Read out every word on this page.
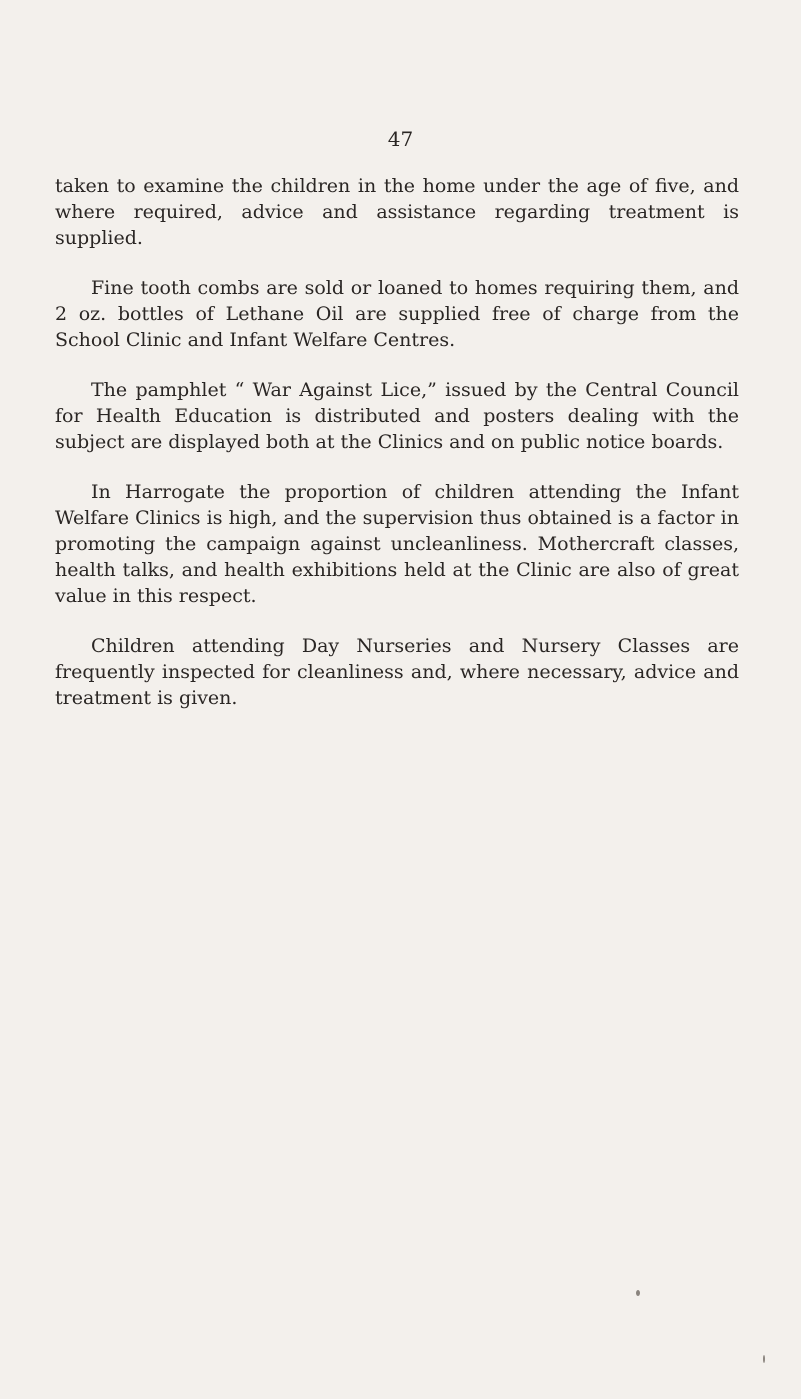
47

taken to examine the children in the home under the age of five, and where required, advice and assistance regarding treatment is supplied.

Fine tooth combs are sold or loaned to homes requiring them, and 2 oz. bottles of Lethane Oil are supplied free of charge from the School Clinic and Infant Welfare Centres.

The pamphlet “ War Against Lice,” issued by the Central Council for Health Education is distributed and posters dealing with the subject are displayed both at the Clinics and on public notice boards.

In Harrogate the proportion of children attending the Infant Welfare Clinics is high, and the supervision thus obtained is a factor in promoting the campaign against uncleanliness. Mothercraft classes, health talks, and health exhibitions held at the Clinic are also of great value in this respect.

Children attending Day Nurseries and Nursery Classes are frequently inspected for cleanliness and, where necessary, advice and treatment is given.
